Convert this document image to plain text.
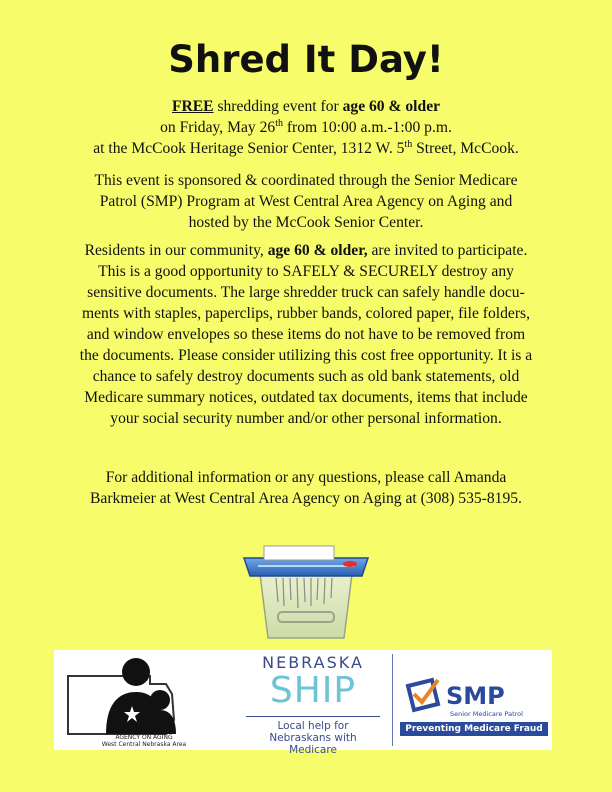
Shred It Day!
FREE shredding event for age 60 & older
on Friday, May 26th from 10:00 a.m.-1:00 p.m.
at the McCook Heritage Senior Center, 1312 W. 5th Street, McCook.
This event is sponsored & coordinated through the Senior Medicare
Patrol (SMP) Program at West Central Area Agency on Aging and
hosted by the McCook Senior Center.
Residents in our community, age 60 & older, are invited to participate.
This is a good opportunity to SAFELY & SECURELY destroy any
sensitive documents. The large shredder truck can safely handle docu-
ments with staples, paperclips, rubber bands, colored paper, file folders,
and window envelopes so these items do not have to be removed from
the documents. Please consider utilizing this cost free opportunity. It is a
chance to safely destroy documents such as old bank statements, old
Medicare summary notices, outdated tax documents, items that include
your social security number and/or other personal information.
For additional information or any questions, please call Amanda
Barkmeier at West Central Area Agency on Aging at (308) 535-8195.
AGENCY ON AGING
West Central Nebraska Area
NEBRASKA
SHIP
Local help for Nebraskans with Medicare
SMP
Senior Medicare Patrol
Preventing Medicare Fraud
